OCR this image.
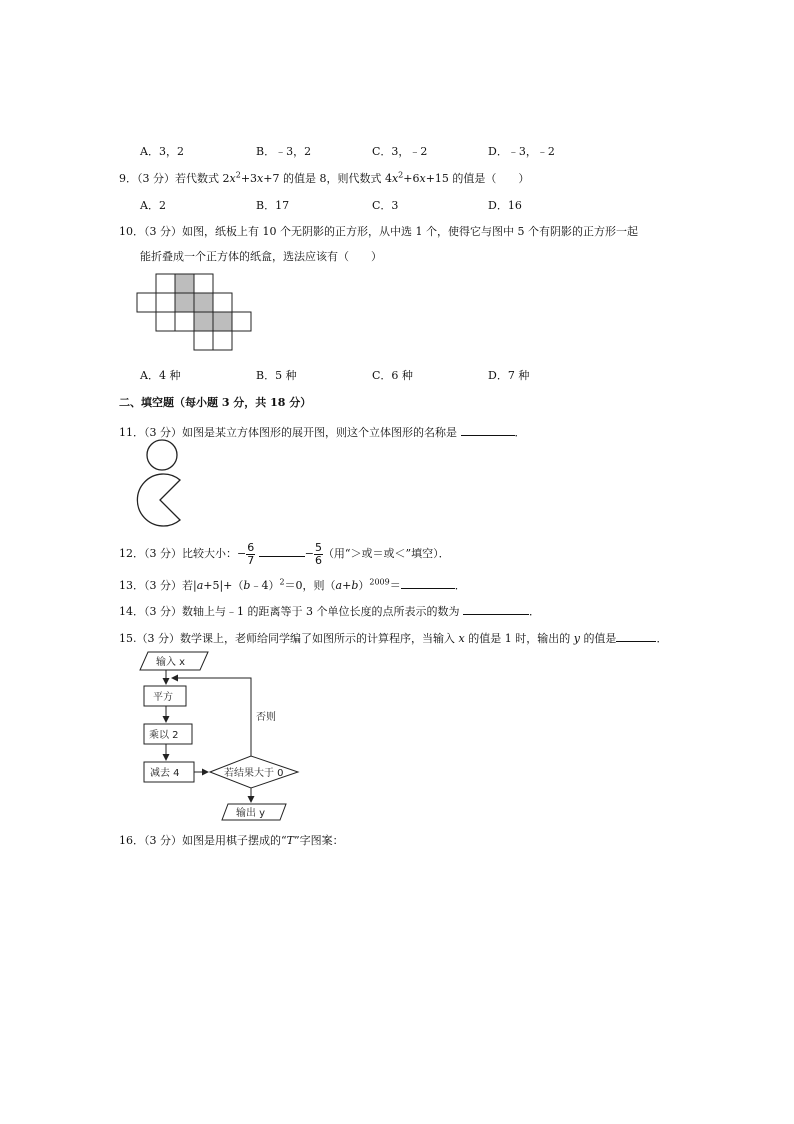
A．3，2	B．﹣3，2	C．3，﹣2	D．﹣3，﹣2
9．（3 分）若代数式 $2x^2+3x+7$ 的值是 8，则代数式 $4x^2+6x+15$ 的值是（　　）
A．2	B．17	C．3	D．16
10．（3 分）如图，纸板上有 10 个无阴影的正方形，从中选 1 个，使得它与图中 5 个有阴影的正方形一起
能折叠成一个正方体的纸盒，选法应该有（　　）
A．4 种	B．5 种	C．6 种	D．7 种
二、填空题（每小题 3 分，共 18 分）
11．（3 分）如图是某立方体图形的展开图，则这个立体图形的名称是	．
12．（3 分）比较大小：− $\frac{6}{7}$	− $\frac{5}{6}$ （用“＞或＝或＜”填空）．
13．（3 分）若|a+5|+（b﹣4）$^2$＝0，则$(a+b)^{2009}=$	．
14．（3 分）数轴上与﹣1 的距离等于 3 个单位长度的点所表示的数为	．
15.（3 分）数学课上，老师给同学编了如图所示的计算程序，当输入 x 的值是 1 时，输出的 y 的值是	．
输入 x
平方
乘以 2
减去 4	若结果大于 0
否则
输出 y
16．（3 分）如图是用棋子摆成的“T”字图案：
